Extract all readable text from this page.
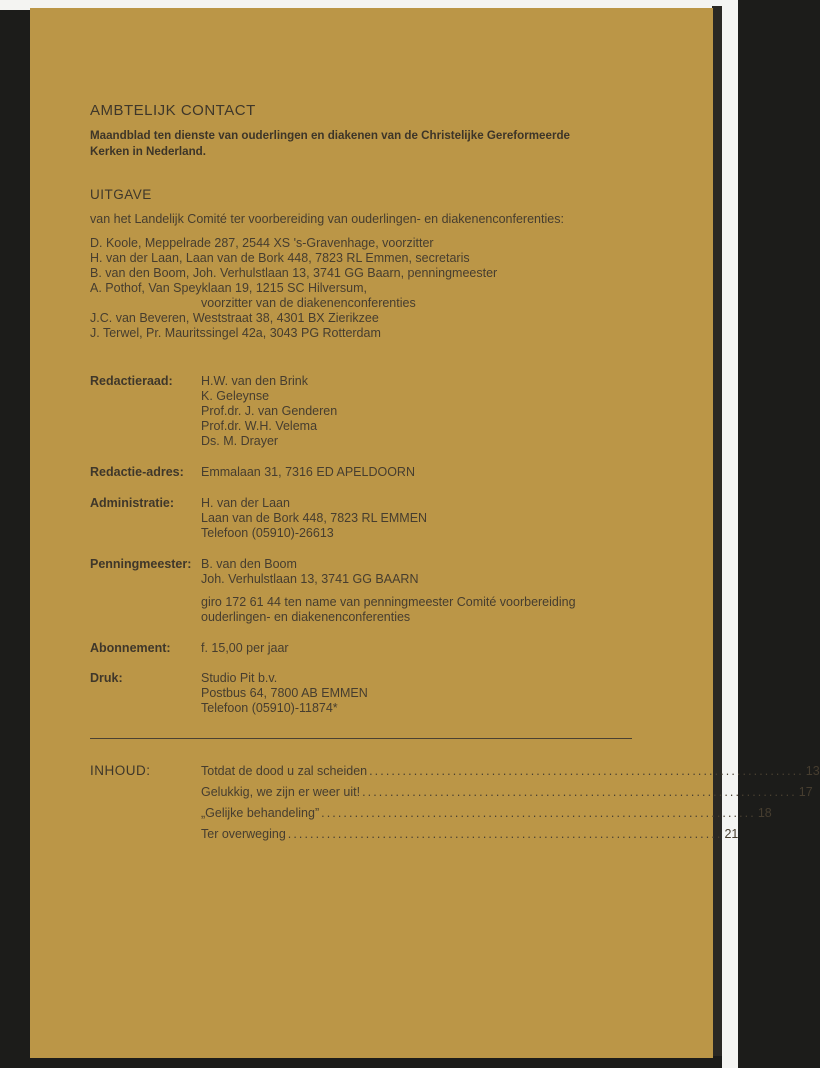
AMBTELIJK CONTACT
Maandblad ten dienste van ouderlingen en diakenen van de Christelijke Gereformeerde
Kerken in Nederland.
UITGAVE
van het Landelijk Comité ter voorbereiding van ouderlingen- en diakenenconferenties:
D. Koole, Meppelrade 287, 2544 XS 's-Gravenhage, voorzitter
H. van der Laan, Laan van de Bork 448, 7823 RL Emmen, secretaris
B. van den Boom, Joh. Verhulstlaan 13, 3741 GG Baarn, penningmeester
A. Pothof, Van Speyklaan 19, 1215 SC Hilversum,
voorzitter van de diakenenconferenties
J.C. van Beveren, Weststraat 38, 4301 BX Zierikzee
J. Terwel, Pr. Mauritssingel 42a, 3043 PG Rotterdam
Redactieraad: H.W. van den Brink
K. Geleynse
Prof.dr. J. van Genderen
Prof.dr. W.H. Velema
Ds. M. Drayer
Redactie-adres: Emmalaan 31, 7316 ED APELDOORN
Administratie: H. van der Laan
Laan van de Bork 448, 7823 RL EMMEN
Telefoon (05910)-26613
Penningmeester: B. van den Boom
Joh. Verhulstlaan 13, 3741 GG BAARN
giro 172 61 44 ten name van penningmeester Comité voorbereiding
ouderlingen- en diakenenconferenties
Abonnement: f. 15,00 per jaar
Druk:	Studio Pit b.v.
Postbus 64, 7800 AB EMMEN
Telefoon (05910)-11874*
INHOUD:	Totdat de dood u zal scheiden .............................................................................. 13
Gelukkig, we zijn er weer uit! .............................................................................. 17
„Gelijke behandeling” .............................................................................. 18
Ter overweging .............................................................................. 21
